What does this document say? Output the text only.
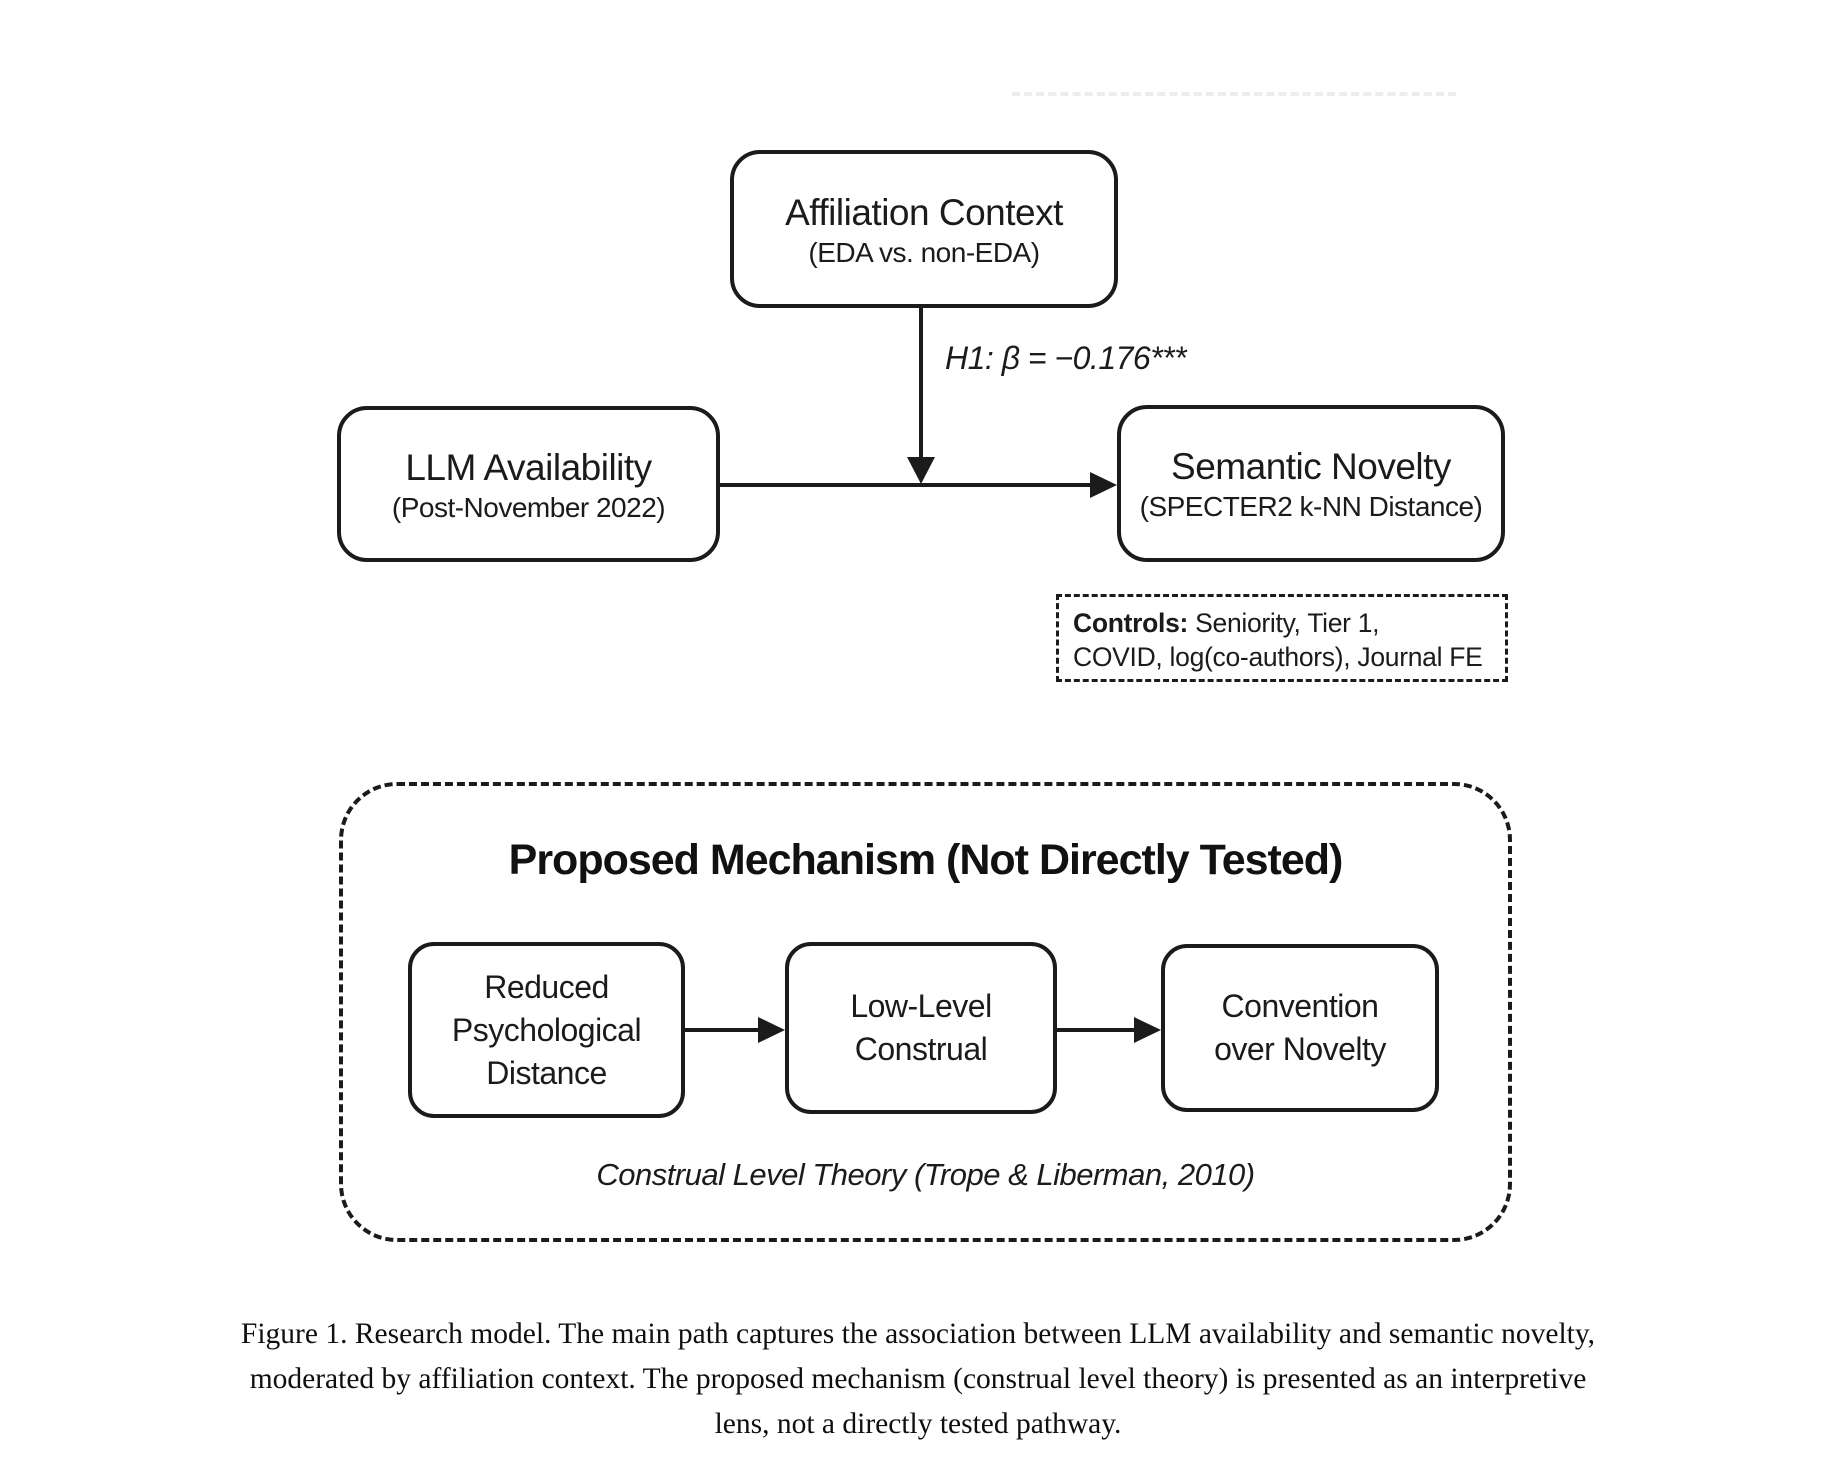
Affiliation Context
(EDA vs. non-EDA)
H1: β = −0.176***
LLM Availability
(Post-November 2022)
Semantic Novelty
(SPECTER2 k-NN Distance)
Controls: Seniority, Tier 1,
COVID, log(co-authors), Journal FE
Proposed Mechanism (Not Directly Tested)
Reduced
Psychological
Distance
Low-Level
Construal
Convention
over Novelty
Construal Level Theory (Trope & Liberman, 2010)
Figure 1. Research model. The main path captures the association between LLM availability and semantic novelty,
moderated by affiliation context. The proposed mechanism (construal level theory) is presented as an interpretive
lens, not a directly tested pathway.
